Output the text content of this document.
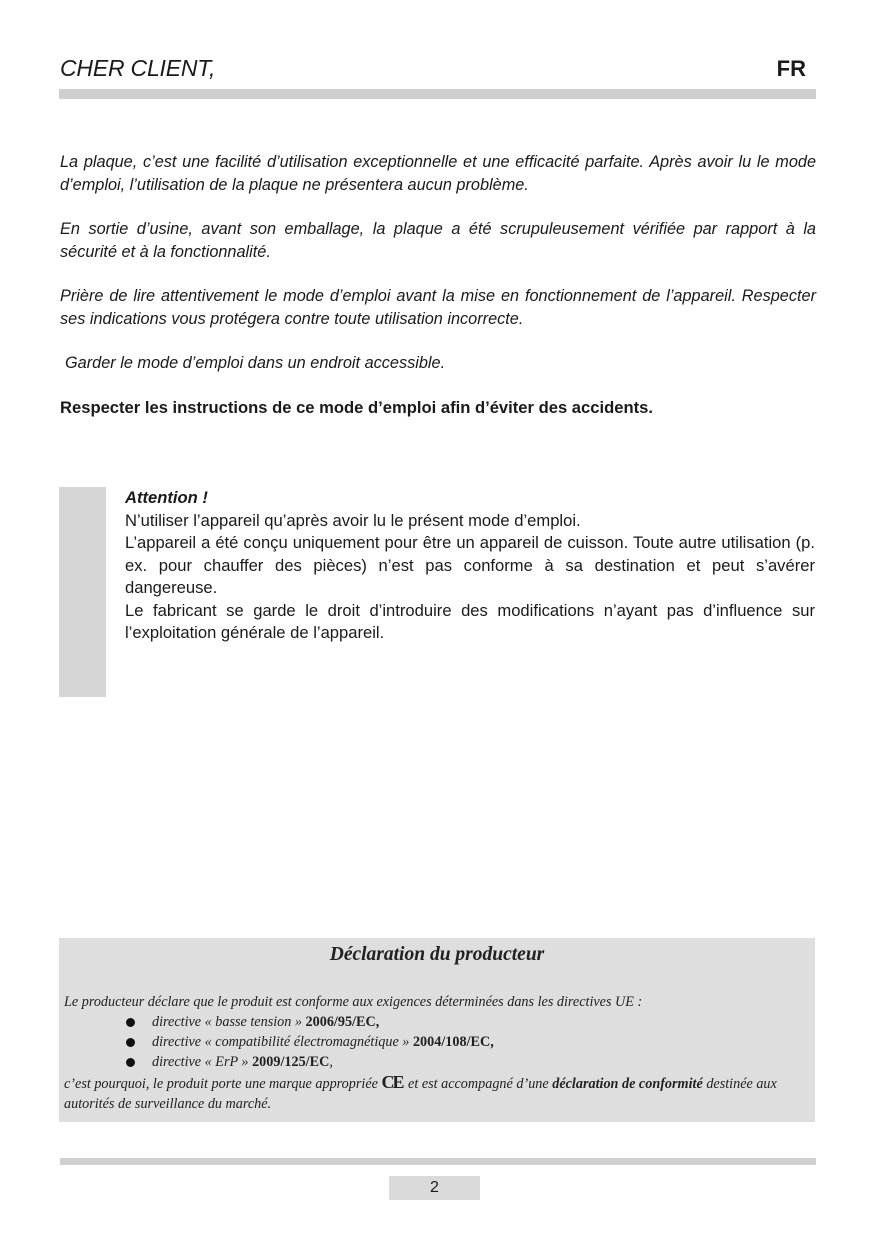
CHER CLIENT,	FR

La plaque, c’est une facilité d’utilisation exceptionnelle et une efficacité parfaite. Après avoir lu le mode d’emploi, l’utilisation de la plaque ne présentera aucun problème.

En sortie d’usine, avant son emballage, la plaque a été scrupuleusement vérifiée par rapport à la sécurité et à la fonctionnalité.

Prière de lire attentivement le mode d’emploi avant la mise en fonctionnement de l’appareil. Respecter ses indications vous protégera contre toute utilisation incorrecte.

Garder le mode d’emploi dans un endroit accessible.

Respecter les instructions de ce mode d’emploi afin d’éviter des accidents.

Attention !

N’utiliser l’appareil qu’après avoir lu le présent mode d’emploi.

L’appareil a été conçu uniquement pour être un appareil de cuisson. Toute autre utilisation (p. ex. pour chauffer des pièces) n’est pas conforme à sa destination et peut s’avérer dangereuse.

Le fabricant se garde le droit d’introduire des modifications n’ayant pas d’influence sur l’exploitation générale de l’appareil.

Déclaration du producteur

Le producteur déclare que le produit est conforme aux exigences déterminées dans les directives UE :

directive « basse tension » 2006/95/EC,
directive « compatibilité électromagnétique » 2004/108/EC,
directive « ErP » 2009/125/EC,

c’est pourquoi, le produit porte une marque appropriée CE et est accompagné d’une déclaration de conformité destinée aux autorités de surveillance du marché.

2
